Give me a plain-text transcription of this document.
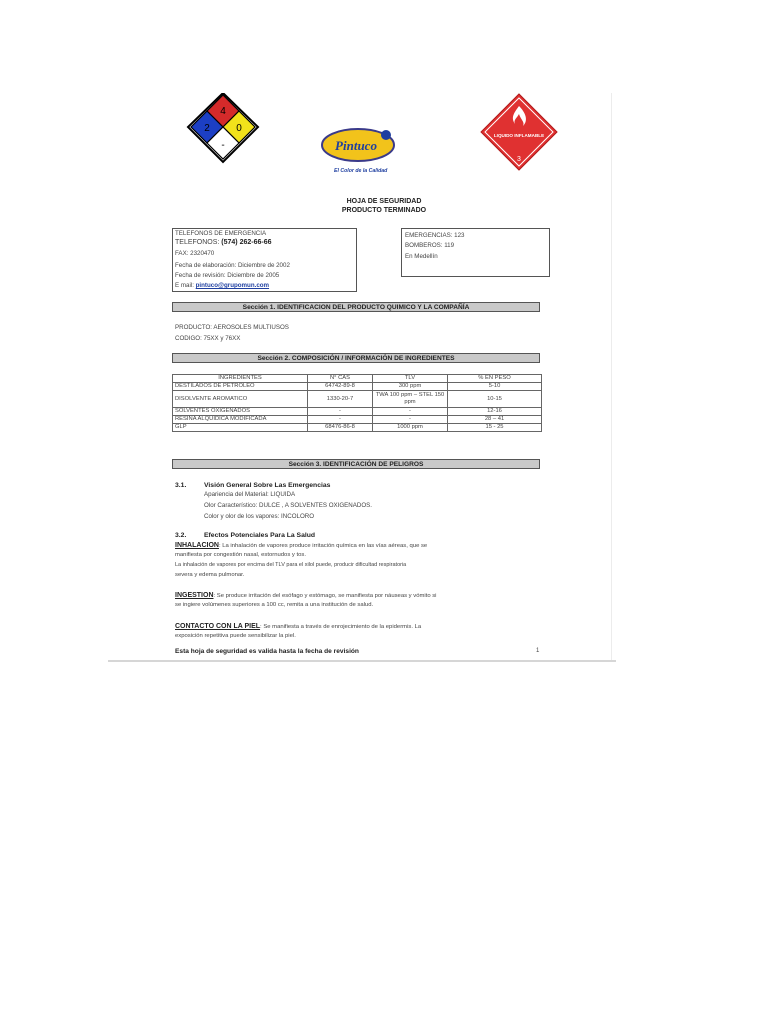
4
2	0
-	Pintuco
El Color de la Calidad
LIQUIDO INFLAMABLE
3
HOJA DE SEGURIDAD
PRODUCTO TERMINADO
TELEFONOS DE EMERGENCIA
TELEFONOS: (574) 262-66-66
FAX: 2320470
Fecha de elaboración: Diciembre de 2002
Fecha de revisión: Diciembre de 2005
E mail: pintuco@grupomun.com
EMERGENCIAS: 123
BOMBEROS: 119
En Medellín
Sección 1. IDENTIFICACION DEL PRODUCTO QUIMICO Y LA COMPAÑÍA
PRODUCTO: AEROSOLES MULTIUSOS
CODIGO: 75XX y 76XX
Sección 2. COMPOSICIÓN / INFORMACIÓN DE INGREDIENTES
INGREDIENTES	N° CAS	TLV	% EN PESO
DESTILADOS DE PETROLEO	64742-89-8	300 ppm	5-10
DISOLVENTE AROMATICO	1330-20-7	TWA 100 ppm – STEL 150 ppm	10-15
SOLVENTES OXIGENADOS	-	-	12-16
RESINA ALQUIDICA MODIFICADA	-	-	28 – 41
GLP	68476-86-8	1000 ppm	15 - 25
Sección 3. IDENTIFICACIÓN DE PELIGROS
3.1.	Visión General Sobre Las Emergencias
Apariencia del Material: LIQUIDA
Olor Característico: DULCE , A SOLVENTES OXIGENADOS.
Color y olor de los vapores: INCOLORO
3.2.	Efectos Potenciales Para La Salud
INHALACION: La inhalación de vapores produce irritación química en las vías aéreas, que se
manifiesta por congestión nasal, estornudos y tos.
La inhalación de vapores por encima del TLV para el xilol puede, producir dificultad respiratoria
severa y edema pulmonar.
INGESTION: Se produce irritación del esófago y estómago, se manifiesta por náuseas y vómito si
se ingiere volúmenes superiores a 100 cc, remita a una institución de salud.
CONTACTO CON LA PIEL: Se manifiesta a través de enrojecimiento de la epidermis. La
exposición repetitiva puede sensibilizar la piel.
Esta hoja de seguridad es valida hasta la fecha de revisión	1
